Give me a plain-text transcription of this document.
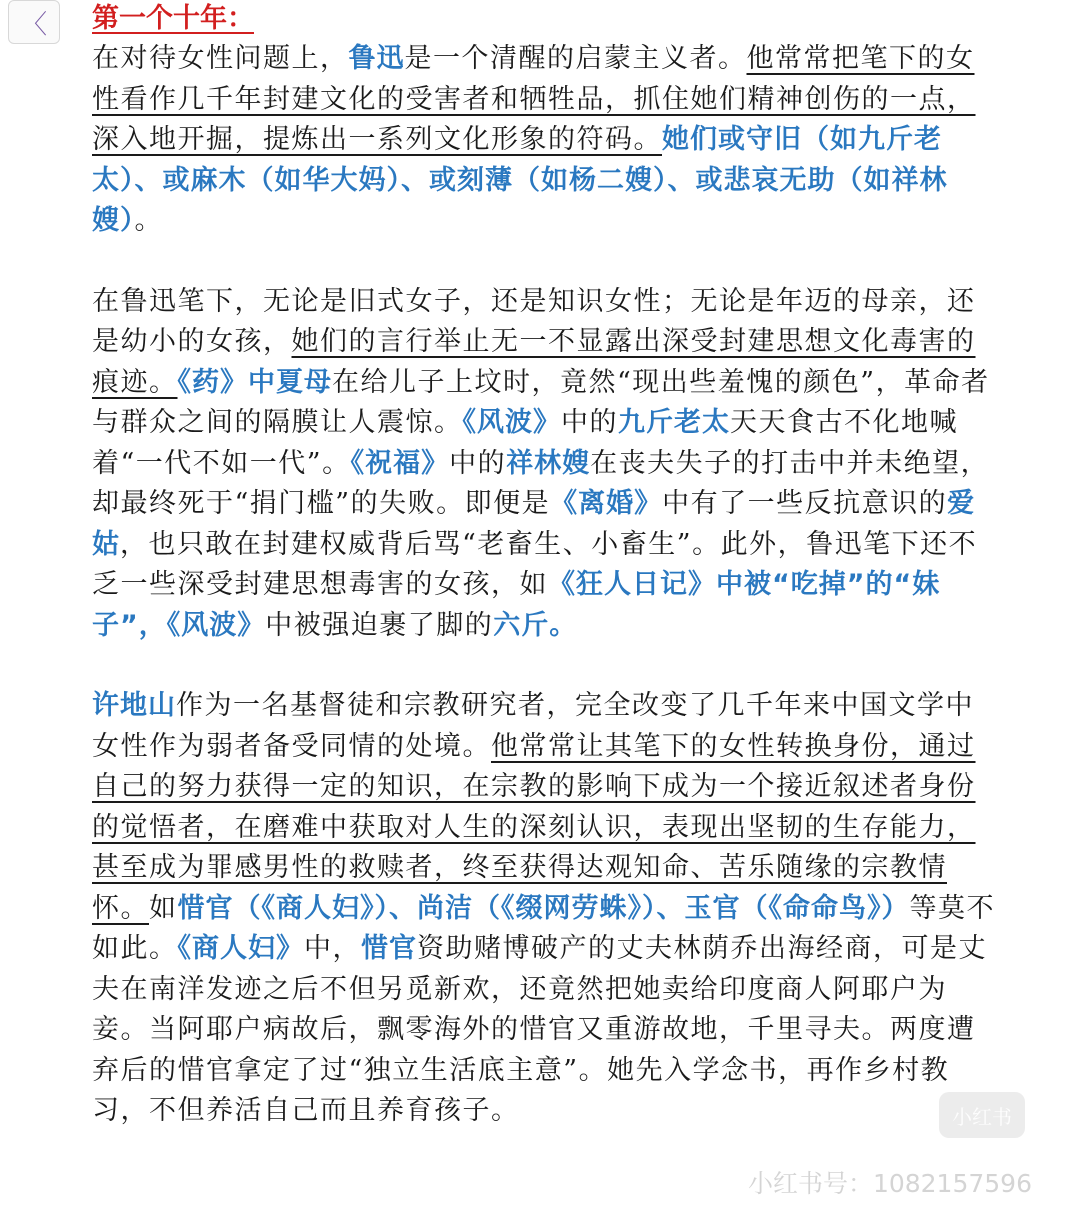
〈 第一个十年：

在对待女性问题上，鲁迅是一个清醒的启蒙主义者。他常常把笔下的女性看作几千年封建文化的受害者和牺牲品，抓住她们精神创伤的一点，深入地开掘，提炼出一系列文化形象的符码。她们或守旧（如九斤老太）、或麻木（如华大妈）、或刻薄（如杨二嫂）、或悲哀无助（如祥林嫂）。

在鲁迅笔下，无论是旧式女子，还是知识女性；无论是年迈的母亲，还是幼小的女孩，她们的言行举止无一不显露出深受封建思想文化毒害的痕迹。《药》中夏母在给儿子上坟时，竟然“现出些羞愧的颜色”，革命者与群众之间的隔膜让人震惊。《风波》中的九斤老太天天食古不化地喊着“一代不如一代”。《祝福》中的祥林嫂在丧夫失子的打击中并未绝望，却最终死于“捐门槛”的失败。即便是《离婚》中有了一些反抗意识的爱姑，也只敢在封建权威背后骂“老畜生、小畜生”。此外，鲁迅笔下还不乏一些深受封建思想毒害的女孩，如《狂人日记》中被“吃掉”的“妹子”，《风波》中被强迫裹了脚的六斤。

许地山作为一名基督徒和宗教研究者，完全改变了几千年来中国文学中女性作为弱者备受同情的处境。他常常让其笔下的女性转换身份，通过自己的努力获得一定的知识，在宗教的影响下成为一个接近叙述者身份的觉悟者，在磨难中获取对人生的深刻认识，表现出坚韧的生存能力，甚至成为罪感男性的救赎者，终至获得达观知命、苦乐随缘的宗教情怀。如惜官（《商人妇》）、尚洁（《缀网劳蛛》）、玉官（《命命鸟》）等莫不如此。《商人妇》中，惜官资助赌博破产的丈夫林荫乔出海经商，可是丈夫在南洋发迹之后不但另觅新欢，还竟然把她卖给印度商人阿耶户为妾。当阿耶户病故后，飘零海外的惜官又重游故地，千里寻夫。两度遭弃后的惜官拿定了过“独立生活底主意”。她先入学念书，再作乡村教习，不但养活自己而且养育孩子。	小红书
小红书号：1082157596
